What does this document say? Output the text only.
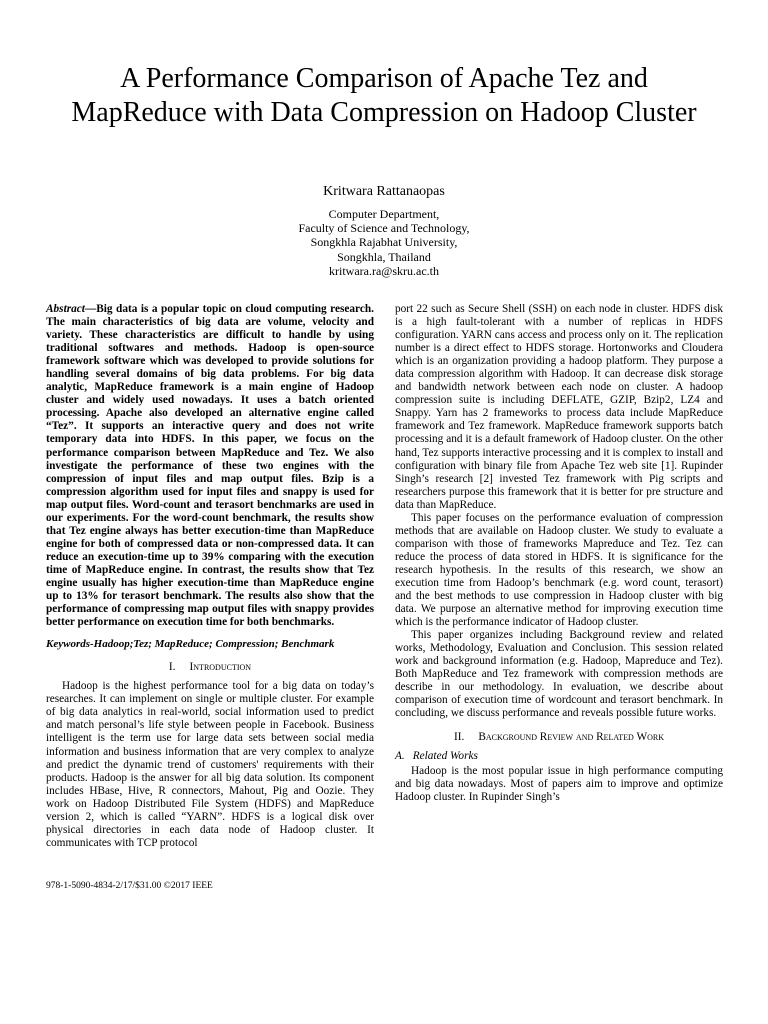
A Performance Comparison of Apache Tez and MapReduce with Data Compression on Hadoop Cluster
Kritwara Rattanaopas
Computer Department,
Faculty of Science and Technology,
Songkhla Rajabhat University,
Songkhla, Thailand
kritwara.ra@skru.ac.th

Abstract—Big data is a popular topic on cloud computing research. The main characteristics of big data are volume, velocity and variety. These characteristics are difficult to handle by using traditional softwares and methods. Hadoop is open-source framework software which was developed to provide solutions for handling several domains of big data problems. For big data analytic, MapReduce framework is a main engine of Hadoop cluster and widely used nowadays. It uses a batch oriented processing. Apache also developed an alternative engine called “Tez”. It supports an interactive query and does not write temporary data into HDFS. In this paper, we focus on the performance comparison between MapReduce and Tez. We also investigate the performance of these two engines with the compression of input files and map output files. Bzip is a compression algorithm used for input files and snappy is used for map output files. Word-count and terasort benchmarks are used in our experiments. For the word-count benchmark, the results show that Tez engine always has better execution-time than MapReduce engine for both of compressed data or non-compressed data. It can reduce an execution-time up to 39% comparing with the execution time of MapReduce engine. In contrast, the results show that Tez engine usually has higher execution-time than MapReduce engine up to 13% for terasort benchmark. The results also show that the performance of compressing map output files with snappy provides better performance on execution time for both benchmarks.

Keywords-Hadoop;Tez; MapReduce; Compression; Benchmark

I. Introduction

Hadoop is the highest performance tool for a big data on today’s researches. It can implement on single or multiple cluster. For example of big data analytics in real-world, social information used to predict and match personal’s life style between people in Facebook. Business intelligent is the term use for large data sets between social media information and business information that are very complex to analyze and predict the dynamic trend of customers' requirements with their products. Hadoop is the answer for all big data solution. Its component includes HBase, Hive, R connectors, Mahout, Pig and Oozie. They work on Hadoop Distributed File System (HDFS) and MapReduce version 2, which is called “YARN”. HDFS is a logical disk over physical directories in each data node of Hadoop cluster. It communicates with TCP protocol

port 22 such as Secure Shell (SSH) on each node in cluster. HDFS disk is a high fault-tolerant with a number of replicas in HDFS configuration. YARN cans access and process only on it. The replication number is a direct effect to HDFS storage. Hortonworks and Cloudera which is an organization providing a hadoop platform. They purpose a data compression algorithm with Hadoop. It can decrease disk storage and bandwidth network between each node on cluster. A hadoop compression suite is including DEFLATE, GZIP, Bzip2, LZ4 and Snappy. Yarn has 2 frameworks to process data include MapReduce framework and Tez framework. MapReduce framework supports batch processing and it is a default framework of Hadoop cluster. On the other hand, Tez supports interactive processing and it is complex to install and configuration with binary file from Apache Tez web site [1]. Rupinder Singh’s research [2] invested Tez framework with Pig scripts and researchers purpose this framework that it is better for pre structure and data than MapReduce.

This paper focuses on the performance evaluation of compression methods that are available on Hadoop cluster. We study to evaluate a comparison with those of frameworks Mapreduce and Tez. Tez can reduce the process of data stored in HDFS. It is significance for the research hypothesis. In the results of this research, we show an execution time from Hadoop’s benchmark (e.g. word count, terasort) and the best methods to use compression in Hadoop cluster with big data. We purpose an alternative method for improving execution time which is the performance indicator of Hadoop cluster.

This paper organizes including Background review and related works, Methodology, Evaluation and Conclusion. This session related work and background information (e.g. Hadoop, Mapreduce and Tez). Both MapReduce and Tez framework with compression methods are describe in our methodology. In evaluation, we describe about comparison of execution time of wordcount and terasort benchmark. In concluding, we discuss performance and reveals possible future works.

II. Background Review and Related Work

A. Related Works

Hadoop is the most popular issue in high performance computing and big data nowadays. Most of papers aim to improve and optimize Hadoop cluster. In Rupinder Singh’s

978-1-5090-4834-2/17/$31.00 ©2017 IEEE
